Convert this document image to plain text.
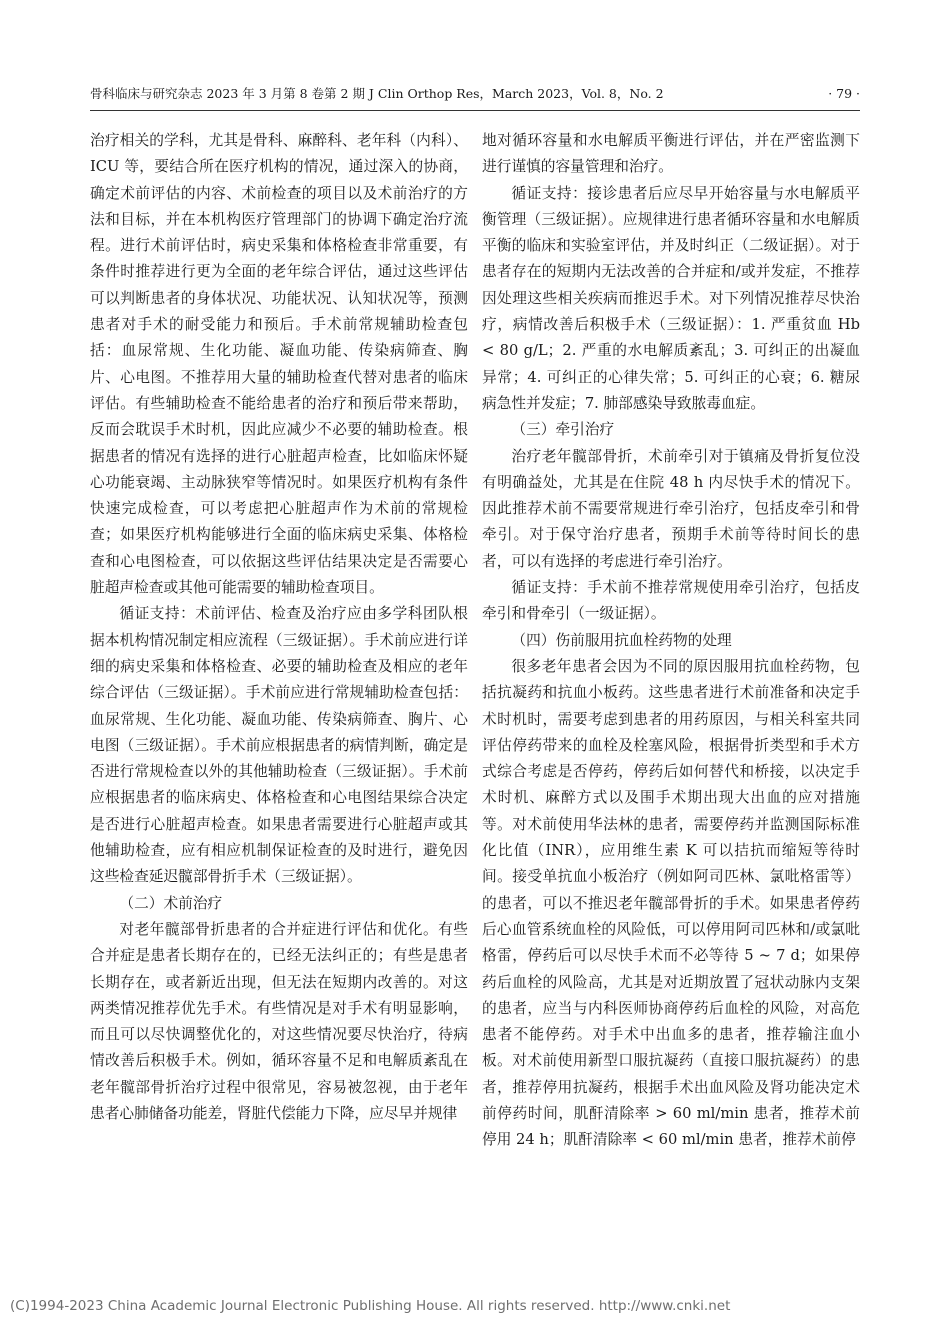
骨科临床与研究杂志 2023 年 3 月第 8 卷第 2 期 J Clin Orthop Res，March 2023，Vol. 8，No. 2	· 79 ·

治疗相关的学科，尤其是骨科、麻醉科、老年科（内科）、ICU 等，要结合所在医疗机构的情况，通过深入的协商，确定术前评估的内容、术前检查的项目以及术前治疗的方法和目标，并在本机构医疗管理部门的协调下确定治疗流程。进行术前评估时，病史采集和体格检查非常重要，有条件时推荐进行更为全面的老年综合评估，通过这些评估可以判断患者的身体状况、功能状况、认知状况等，预测患者对手术的耐受能力和预后。手术前常规辅助检查包括：血尿常规、生化功能、凝血功能、传染病筛查、胸片、心电图。不推荐用大量的辅助检查代替对患者的临床评估。有些辅助检查不能给患者的治疗和预后带来帮助，反而会耽误手术时机，因此应减少不必要的辅助检查。根据患者的情况有选择的进行心脏超声检查，比如临床怀疑心功能衰竭、主动脉狭窄等情况时。如果医疗机构有条件快速完成检查，可以考虑把心脏超声作为术前的常规检查；如果医疗机构能够进行全面的临床病史采集、体格检查和心电图检查，可以依据这些评估结果决定是否需要心脏超声检查或其他可能需要的辅助检查项目。

循证支持：术前评估、检查及治疗应由多学科团队根据本机构情况制定相应流程（三级证据）。手术前应进行详细的病史采集和体格检查、必要的辅助检查及相应的老年综合评估（三级证据）。手术前应进行常规辅助检查包括：血尿常规、生化功能、凝血功能、传染病筛查、胸片、心电图（三级证据）。手术前应根据患者的病情判断，确定是否进行常规检查以外的其他辅助检查（三级证据）。手术前应根据患者的临床病史、体格检查和心电图结果综合决定是否进行心脏超声检查。如果患者需要进行心脏超声或其他辅助检查，应有相应机制保证检查的及时进行，避免因这些检查延迟髋部骨折手术（三级证据）。

（二）术前治疗

对老年髋部骨折患者的合并症进行评估和优化。有些合并症是患者长期存在的，已经无法纠正的；有些是患者长期存在，或者新近出现，但无法在短期内改善的。对这两类情况推荐优先手术。有些情况是对手术有明显影响，而且可以尽快调整优化的，对这些情况要尽快治疗，待病情改善后积极手术。例如，循环容量不足和电解质紊乱在老年髋部骨折治疗过程中很常见，容易被忽视，由于老年患者心肺储备功能差，肾脏代偿能力下降，应尽早并规律

地对循环容量和水电解质平衡进行评估，并在严密监测下进行谨慎的容量管理和治疗。

循证支持：接诊患者后应尽早开始容量与水电解质平衡管理（三级证据）。应规律进行患者循环容量和水电解质平衡的临床和实验室评估，并及时纠正（二级证据）。对于患者存在的短期内无法改善的合并症和/或并发症，不推荐因处理这些相关疾病而推迟手术。对下列情况推荐尽快治疗，病情改善后积极手术（三级证据）：1. 严重贫血 Hb < 80 g/L；2. 严重的水电解质紊乱；3. 可纠正的出凝血异常；4. 可纠正的心律失常；5. 可纠正的心衰；6. 糖尿病急性并发症；7. 肺部感染导致脓毒血症。

（三）牵引治疗

治疗老年髋部骨折，术前牵引对于镇痛及骨折复位没有明确益处，尤其是在住院 48 h 内尽快手术的情况下。因此推荐术前不需要常规进行牵引治疗，包括皮牵引和骨牵引。对于保守治疗患者，预期手术前等待时间长的患者，可以有选择的考虑进行牵引治疗。

循证支持：手术前不推荐常规使用牵引治疗，包括皮牵引和骨牵引（一级证据）。

（四）伤前服用抗血栓药物的处理

很多老年患者会因为不同的原因服用抗血栓药物，包括抗凝药和抗血小板药。这些患者进行术前准备和决定手术时机时，需要考虑到患者的用药原因，与相关科室共同评估停药带来的血栓及栓塞风险，根据骨折类型和手术方式综合考虑是否停药，停药后如何替代和桥接，以决定手术时机、麻醉方式以及围手术期出现大出血的应对措施等。对术前使用华法林的患者，需要停药并监测国际标准化比值（INR），应用维生素 K 可以拮抗而缩短等待时间。接受单抗血小板治疗（例如阿司匹林、氯吡格雷等）的患者，可以不推迟老年髋部骨折的手术。如果患者停药后心血管系统血栓的风险低，可以停用阿司匹林和/或氯吡格雷，停药后可以尽快手术而不必等待 5 ~ 7 d；如果停药后血栓的风险高，尤其是对近期放置了冠状动脉内支架的患者，应当与内科医师协商停药后血栓的风险，对高危患者不能停药。对手术中出血多的患者，推荐输注血小板。对术前使用新型口服抗凝药（直接口服抗凝药）的患者，推荐停用抗凝药，根据手术出血风险及肾功能决定术前停药时间，肌酐清除率 > 60 ml/min 患者，推荐术前停用 24 h；肌酐清除率 < 60 ml/min 患者，推荐术前停

(C)1994-2023 China Academic Journal Electronic Publishing House. All rights reserved. http://www.cnki.net
